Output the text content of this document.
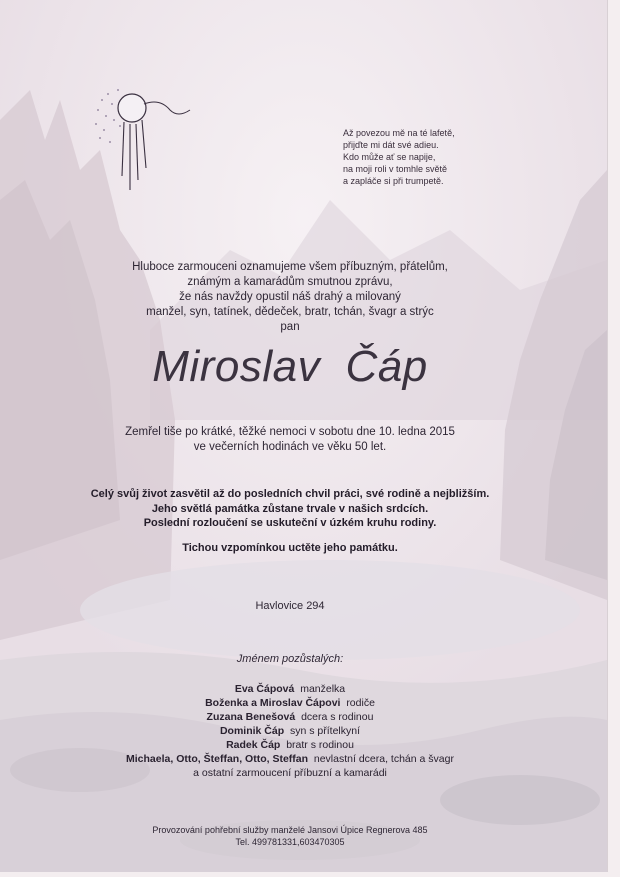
Až povezou mě na té lafetě,
přijďte mi dát své adieu.
Kdo může ať se napije,
na moji roli v tomhle světě
a zapláče si při trumpetě.
Hluboce zarmouceni oznamujeme všem příbuzným, přátelům,
známým a kamarádům smutnou zprávu,
že nás navždy opustil náš drahý a milovaný
manžel, syn, tatínek, dědeček, bratr, tchán, švagr a strýc
pan
Miroslav  Čáp
Zemřel tiše po krátké, těžké nemoci v sobotu dne 10. ledna 2015
ve večerních hodinách ve věku 50 let.
Celý svůj život zasvětil až do posledních chvil práci, své rodině a nejbližším.
Jeho světlá památka zůstane trvale v našich srdcích.
Poslední rozloučení se uskuteční v úzkém kruhu rodiny.
Tichou vzpomínkou uctěte jeho památku.
Havlovice 294
Jménem pozůstalých:
Eva Čápová manželka
Boženka a Miroslav Čápovi rodiče
Zuzana Benešová dcera s rodinou
Dominik Čáp syn s přítelkyní
Radek Čáp bratr s rodinou
Michaela, Otto, Šteffan, Otto, Steffan nevlastní dcera, tchán a švagr
a ostatní zarmoucení příbuzní a kamarádi
Provozování pohřební služby manželé Jansovi Úpice Regnerova 485
Tel. 499781331,603470305
